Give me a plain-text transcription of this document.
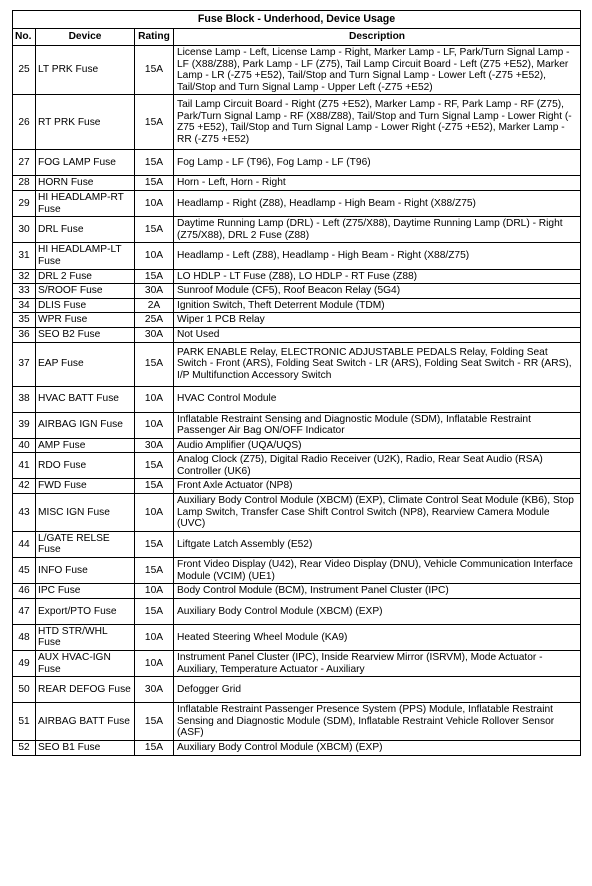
Fuse Block - Underhood, Device Usage			
No.	Device	Rating	Description
25	LT PRK Fuse	15A	License Lamp - Left, License Lamp - Right, Marker Lamp - LF, Park/Turn Signal Lamp - LF (X88/Z88), Park Lamp - LF (Z75), Tail Lamp Circuit Board - Left (Z75 +E52), Marker Lamp - LR (-Z75 +E52), Tail/Stop and Turn Signal Lamp - Lower Left (-Z75 +E52), Tail/Stop and Turn Signal Lamp - Upper Left (-Z75 +E52)
26	RT PRK Fuse	15A	Tail Lamp Circuit Board - Right (Z75 +E52), Marker Lamp - RF, Park Lamp - RF (Z75), Park/Turn Signal Lamp - RF (X88/Z88), Tail/Stop and Turn Signal Lamp - Lower Right (-Z75 +E52), Tail/Stop and Turn Signal Lamp - Lower Right (-Z75 +E52), Marker Lamp - RR (-Z75 +E52)
27	FOG LAMP Fuse	15A	Fog Lamp - LF (T96), Fog Lamp - LF (T96)
28	HORN Fuse	15A	Horn - Left, Horn - Right
29	HI HEADLAMP-RT Fuse	10A	Headlamp - Right (Z88), Headlamp - High Beam - Right (X88/Z75)
30	DRL Fuse	15A	Daytime Running Lamp (DRL) - Left (Z75/X88), Daytime Running Lamp (DRL) - Right (Z75/X88), DRL 2 Fuse (Z88)
31	HI HEADLAMP-LT Fuse	10A	Headlamp - Left (Z88), Headlamp - High Beam - Right (X88/Z75)
32	DRL 2 Fuse	15A	LO HDLP - LT Fuse (Z88), LO HDLP - RT Fuse (Z88)
33	S/ROOF Fuse	30A	Sunroof Module (CF5), Roof Beacon Relay (5G4)
34	DLIS Fuse	2A	Ignition Switch, Theft Deterrent Module (TDM)
35	WPR Fuse	25A	Wiper 1 PCB Relay
36	SEO B2 Fuse	30A	Not Used
37	EAP Fuse	15A	PARK ENABLE Relay, ELECTRONIC ADJUSTABLE PEDALS Relay, Folding Seat Switch - Front (ARS), Folding Seat Switch - LR (ARS), Folding Seat Switch - RR (ARS), I/P Multifunction Accessory Switch
38	HVAC BATT Fuse	10A	HVAC Control Module
39	AIRBAG IGN Fuse	10A	Inflatable Restraint Sensing and Diagnostic Module (SDM), Inflatable Restraint Passenger Air Bag ON/OFF Indicator
40	AMP Fuse	30A	Audio Amplifier (UQA/UQS)
41	RDO Fuse	15A	Analog Clock (Z75), Digital Radio Receiver (U2K), Radio, Rear Seat Audio (RSA) Controller (UK6)
42	FWD Fuse	15A	Front Axle Actuator (NP8)
43	MISC IGN Fuse	10A	Auxiliary Body Control Module (XBCM) (EXP), Climate Control Seat Module (KB6), Stop Lamp Switch, Transfer Case Shift Control Switch (NP8), Rearview Camera Module (UVC)
44	L/GATE RELSE Fuse	15A	Liftgate Latch Assembly (E52)
45	INFO Fuse	15A	Front Video Display (U42), Rear Video Display (DNU), Vehicle Communication Interface Module (VCIM) (UE1)
46	IPC Fuse	10A	Body Control Module (BCM), Instrument Panel Cluster (IPC)
47	Export/PTO Fuse	15A	Auxiliary Body Control Module (XBCM) (EXP)
48	HTD STR/WHL Fuse	10A	Heated Steering Wheel Module (KA9)
49	AUX HVAC-IGN Fuse	10A	Instrument Panel Cluster (IPC), Inside Rearview Mirror (ISRVM), Mode Actuator - Auxiliary, Temperature Actuator - Auxiliary
50	REAR DEFOG Fuse	30A	Defogger Grid
51	AIRBAG BATT Fuse	15A	Inflatable Restraint Passenger Presence System (PPS) Module, Inflatable Restraint Sensing and Diagnostic Module (SDM), Inflatable Restraint Vehicle Rollover Sensor (ASF)
52	SEO B1 Fuse	15A	Auxiliary Body Control Module (XBCM) (EXP)
